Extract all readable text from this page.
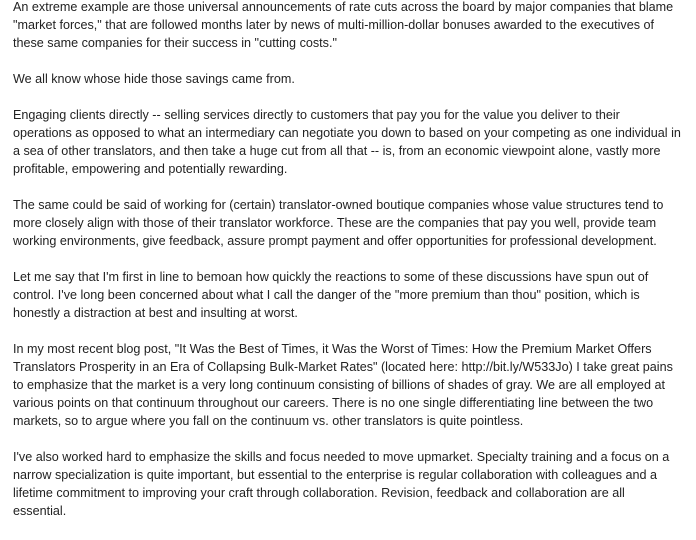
An extreme example are those universal announcements of rate cuts across the board by major companies that blame "market forces," that are followed months later by news of multi-million-dollar bonuses awarded to the executives of these same companies for their success in "cutting costs."

We all know whose hide those savings came from.

Engaging clients directly -- selling services directly to customers that pay you for the value you deliver to their operations as opposed to what an intermediary can negotiate you down to based on your competing as one individual in a sea of other translators, and then take a huge cut from all that -- is, from an economic viewpoint alone, vastly more profitable, empowering and potentially rewarding.

The same could be said of working for (certain) translator-owned boutique companies whose value structures tend to more closely align with those of their translator workforce. These are the companies that pay you well, provide team working environments, give feedback, assure prompt payment and offer opportunities for professional development.

Let me say that I'm first in line to bemoan how quickly the reactions to some of these discussions have spun out of control. I've long been concerned about what I call the danger of the "more premium than thou" position, which is honestly a distraction at best and insulting at worst.

In my most recent blog post, "It Was the Best of Times, it Was the Worst of Times: How the Premium Market Offers Translators Prosperity in an Era of Collapsing Bulk-Market Rates" (located here: http://bit.ly/W533Jo) I take great pains to emphasize that the market is a very long continuum consisting of billions of shades of gray. We are all employed at various points on that continuum throughout our careers. There is no one single differentiating line between the two markets, so to argue where you fall on the continuum vs. other translators is quite pointless.

I've also worked hard to emphasize the skills and focus needed to move upmarket. Specialty training and a focus on a narrow specialization is quite important, but essential to the enterprise is regular collaboration with colleagues and a lifetime commitment to improving your craft through collaboration. Revision, feedback and collaboration are all essential.
